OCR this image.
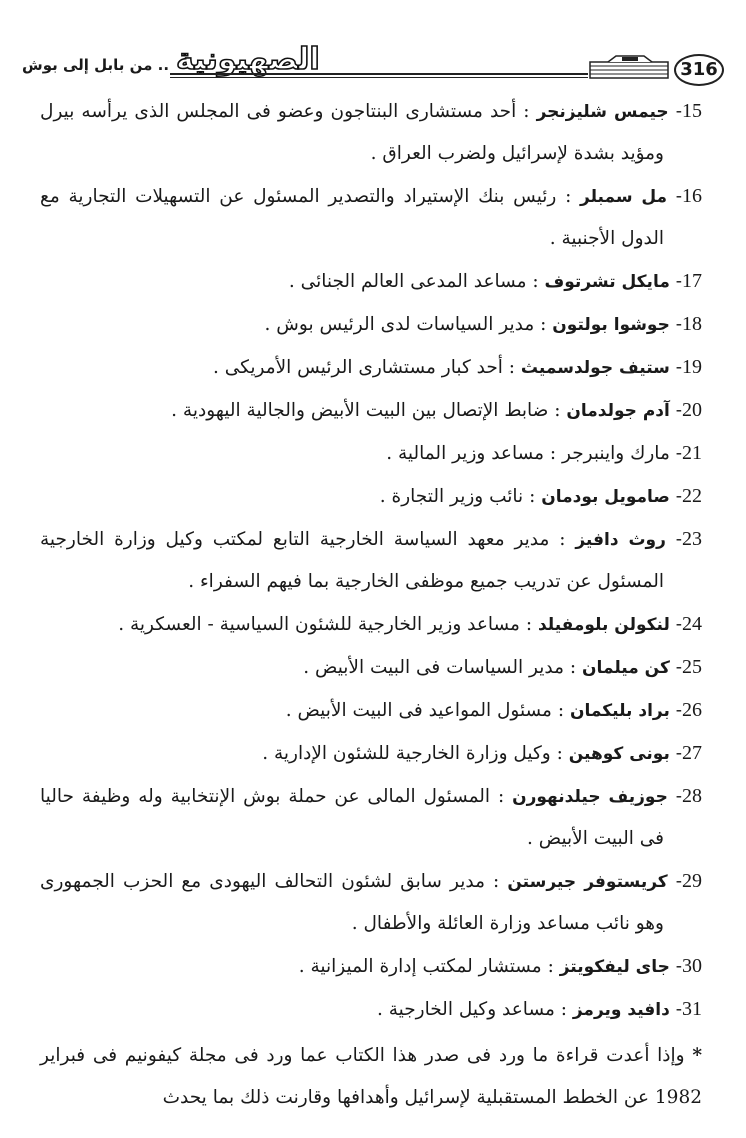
الصهيونية
.. من بابل إلى بوش	316

15- جيمس شليزنجر : أحد مستشارى البنتاجون وعضو فى المجلس الذى يرأسه بيرل ومؤيد بشدة لإسرائيل ولضرب العراق .

16- مل سمبلر : رئيس بنك الإستيراد والتصدير المسئول عن التسهيلات التجارية مع الدول الأجنبية .

17- مايكل تشرتوف : مساعد المدعى العالم الجنائى .

18- جوشوا بولتون : مدير السياسات لدى الرئيس بوش .

19- ستيف جولدسميث : أحد كبار مستشارى الرئيس الأمريكى .

20- آدم جولدمان : ضابط الإتصال بين البيت الأبيض والجالية اليهودية .

21- مارك واينبرجر : مساعد وزير المالية .

22- صامويل بودمان : نائب وزير التجارة .

23- روث دافيز : مدير معهد السياسة الخارجية التابع لمكتب وكيل وزارة الخارجية المسئول عن تدريب جميع موظفى الخارجية بما فيهم السفراء .

24- لنكولن بلومفيلد : مساعد وزير الخارجية للشئون السياسية - العسكرية .

25- كن ميلمان : مدير السياسات فى البيت الأبيض .

26- براد بليكمان : مسئول المواعيد فى البيت الأبيض .

27- بونى كوهين : وكيل وزارة الخارجية للشئون الإدارية .

28- جوزيف جيلدنهورن : المسئول المالى عن حملة بوش الإنتخابية وله وظيفة حاليا فى البيت الأبيض .

29- كريستوفر جيرستن : مدير سابق لشئون التحالف اليهودى مع الحزب الجمهورى وهو نائب مساعد وزارة العائلة والأطفال .

30- جاى ليفكويتز : مستشار لمكتب إدارة الميزانية .

31- دافيد ويرمز : مساعد وكيل الخارجية .

* وإذا أعدت قراءة ما ورد فى صدر هذا الكتاب عما ورد فى مجلة كيفونيم فى فبراير 1982 عن الخطط المستقبلية لإسرائيل وأهدافها وقارنت ذلك بما يحدث
